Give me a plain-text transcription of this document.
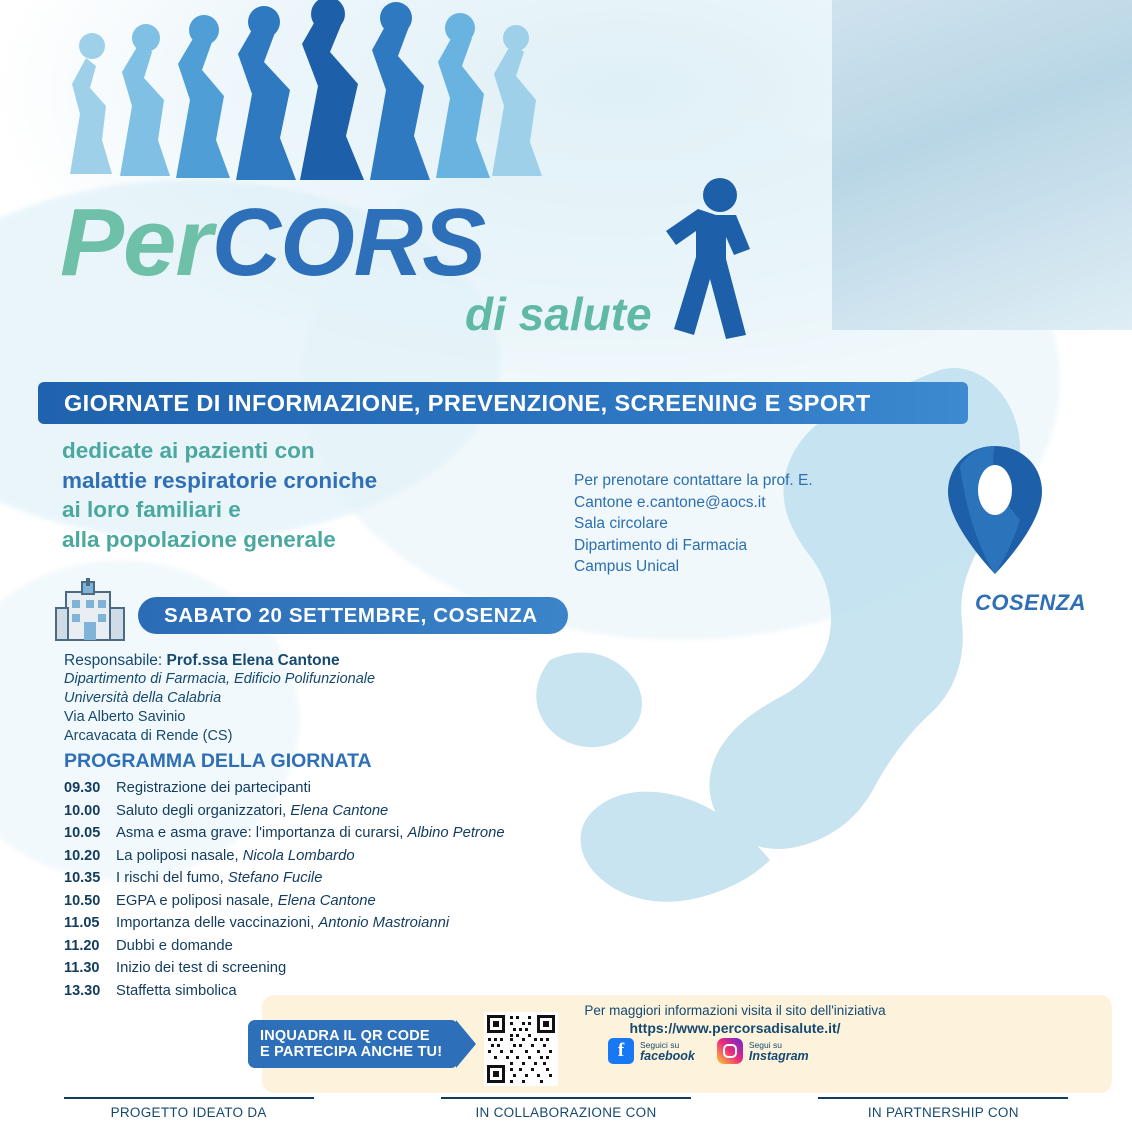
PerCORS
di salute
GIORNATE DI INFORMAZIONE, PREVENZIONE, SCREENING E SPORT
dedicate ai pazienti con
malattie respiratorie croniche
ai loro familiari e
alla popolazione generale
Per prenotare contattare la prof. E.
Cantone e.cantone@aocs.it
Sala circolare
Dipartimento di Farmacia
Campus Unical
COSENZA
SABATO 20 SETTEMBRE, COSENZA
Responsabile: Prof.ssa Elena Cantone
Dipartimento di Farmacia, Edificio Polifunzionale
Università della Calabria
Via Alberto Savinio
Arcavacata di Rende (CS)
PROGRAMMA DELLA GIORNATA
09.30	Registrazione dei partecipanti
10.00	Saluto degli organizzatori, Elena Cantone
10.05	Asma e asma grave: l'importanza di curarsi, Albino Petrone
10.20	La poliposi nasale, Nicola Lombardo
10.35	I rischi del fumo, Stefano Fucile
10.50	EGPA e poliposi nasale, Elena Cantone
11.05	Importanza delle vaccinazioni, Antonio Mastroianni
11.20	Dubbi e domande
11.30	Inizio dei test di screening
13.30	Staffetta simbolica
INQUADRA IL QR CODE
E PARTECIPA ANCHE TU!
Per maggiori informazioni visita il sito dell'iniziativa
https://www.percorsadisalute.it/
f	Seguici su
facebook
Segui su
Instagram
PROGETTO IDEATO DA	IN COLLABORAZIONE CON	IN PARTNERSHIP CON
